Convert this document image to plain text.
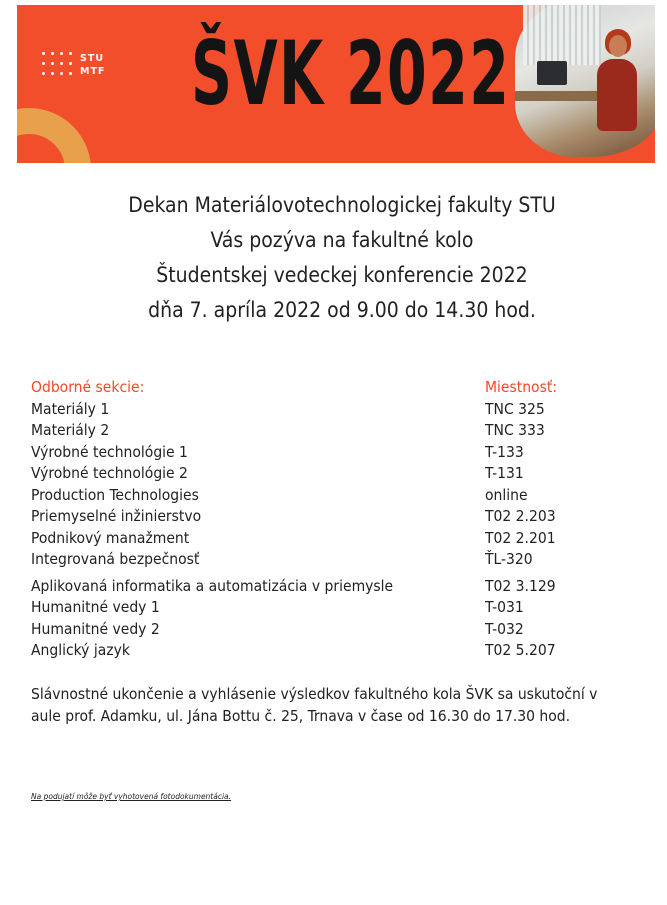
STU
MTF ŠVK 2022
Dekan Materiálovotechnologickej fakulty STU
Vás pozýva na fakultné kolo
Študentskej vedeckej konferencie 2022
dňa 7. apríla 2022 od 9.00 do 14.30 hod.
Odborné sekcie:	Miestnosť:
Materiály 1	TNC 325
Materiály 2	TNC 333
Výrobné technológie 1	T-133
Výrobné technológie 2	T-131
Production Technologies	online
Priemyselné inžinierstvo	T02 2.203
Podnikový manažment	T02 2.201
Integrovaná bezpečnosť	ŤL-320
Aplikovaná informatika a automatizácia v priemysle	T02 3.129
Humanitné vedy 1	T-031
Humanitné vedy 2	T-032
Anglický jazyk	T02 5.207
Slávnostné ukončenie a vyhlásenie výsledkov fakultného kola ŠVK sa uskutoční v aule prof. Adamku, ul. Jána Bottu č. 25, Trnava v čase od 16.30 do 17.30 hod.
Na podujatí môže byť vyhotovená fotodokumentácia.
